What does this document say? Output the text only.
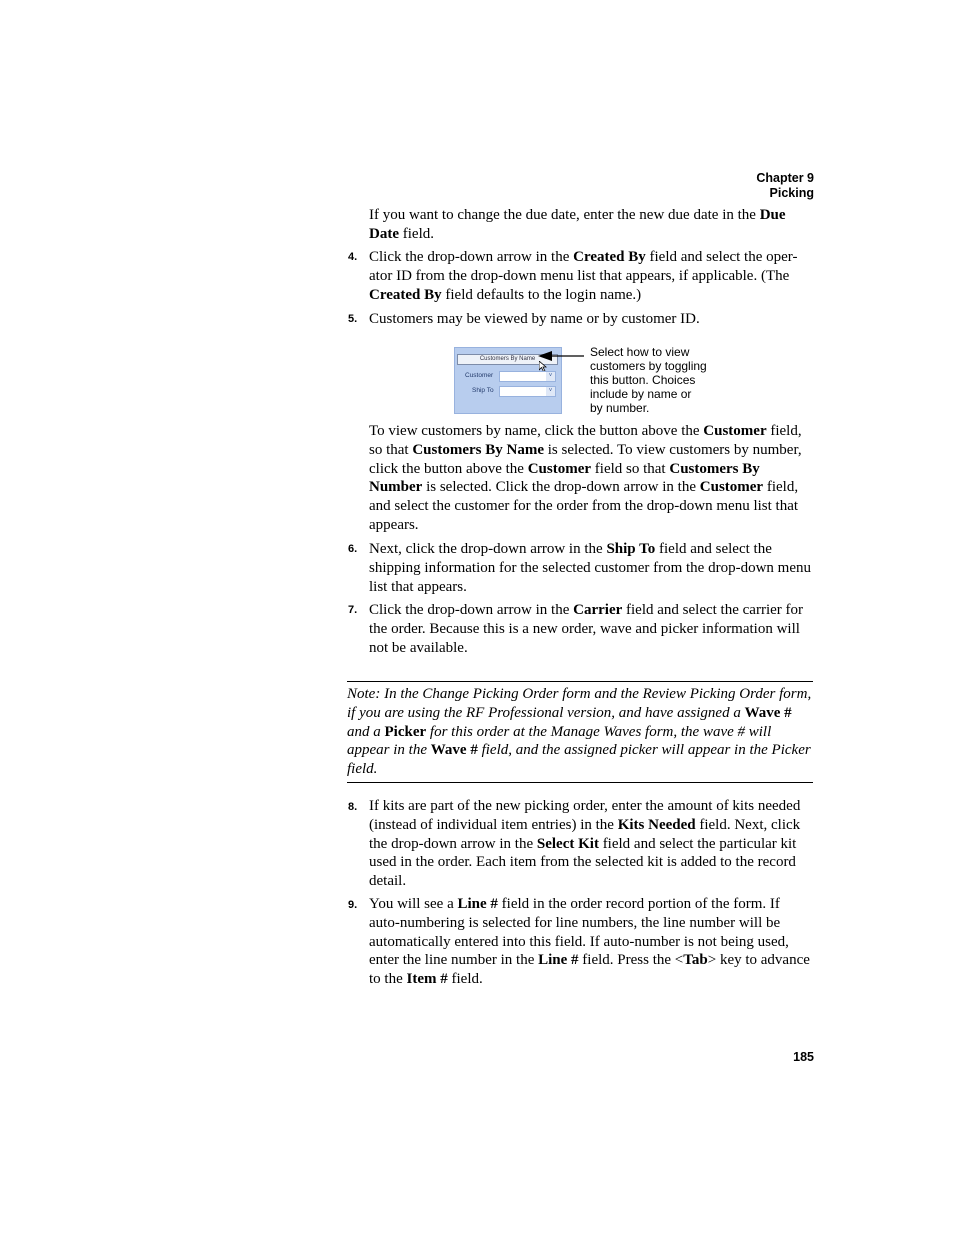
Chapter 9
Picking

If you want to change the due date, enter the new due date in the Due Date field.

4. Click the drop-down arrow in the Created By field and select the oper-ator ID from the drop-down menu list that appears, if applicable. (The Created By field defaults to the login name.)

5. Customers may be viewed by name or by customer ID.

Customers By Name
Customer	˅
Ship To	˅

Select how to view
customers by toggling
this button. Choices
include by name or
by number.

To view customers by name, click the button above the Customer field, so that Customers By Name is selected. To view customers by number, click the button above the Customer field so that Customers By Number is selected. Click the drop-down arrow in the Customer field, and select the customer for the order from the drop-down menu list that appears.

6. Next, click the drop-down arrow in the Ship To field and select the shipping information for the selected customer from the drop-down menu list that appears.

7. Click the drop-down arrow in the Carrier field and select the carrier for the order. Because this is a new order, wave and picker information will not be available.

Note: In the Change Picking Order form and the Review Picking Order form, if you are using the RF Professional version, and have assigned a Wave # and a Picker for this order at the Manage Waves form, the wave # will appear in the Wave # field, and the assigned picker will appear in the Picker field.

8. If kits are part of the new picking order, enter the amount of kits needed (instead of individual item entries) in the Kits Needed field. Next, click the drop-down arrow in the Select Kit field and select the particular kit used in the order. Each item from the selected kit is added to the record detail.

9. You will see a Line # field in the order record portion of the form. If auto-numbering is selected for line numbers, the line number will be automatically entered into this field. If auto-number is not being used, enter the line number in the Line # field. Press the <Tab> key to advance to the Item # field.

185
